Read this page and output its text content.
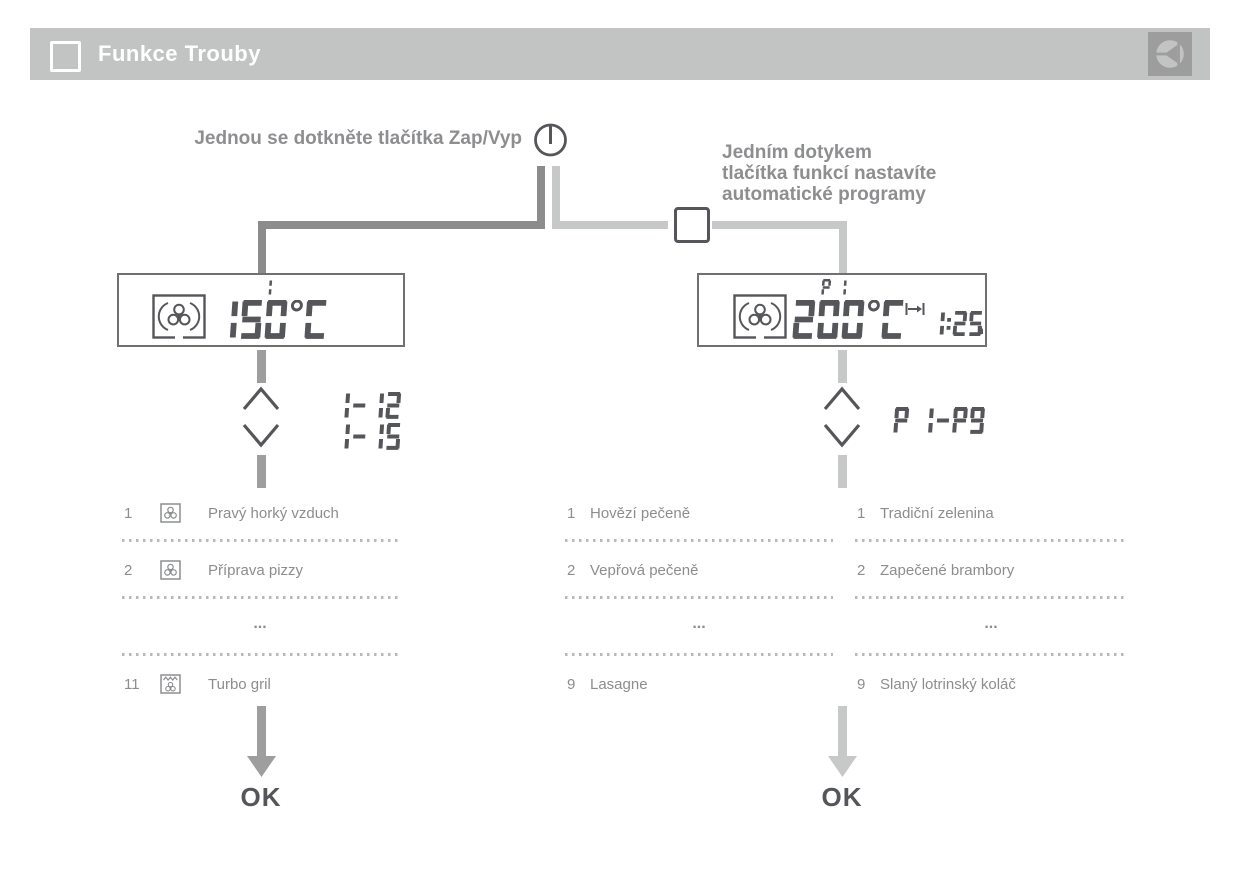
Funkce Trouby
Jednou se dotkněte tlačítka Zap/Vyp
Jedním dotykem
tlačítka funkcí nastavíte
automatické programy
h
1	Pravý horký vzduch
2	Příprava pizzy
...
11	Turbo gril
1 Hovězí pečeně
2 Vepřová pečeně
...
9 Lasagne
1 Tradiční zelenina
2 Zapečené brambory
...
9 Slaný lotrinský koláč
OK	OK
